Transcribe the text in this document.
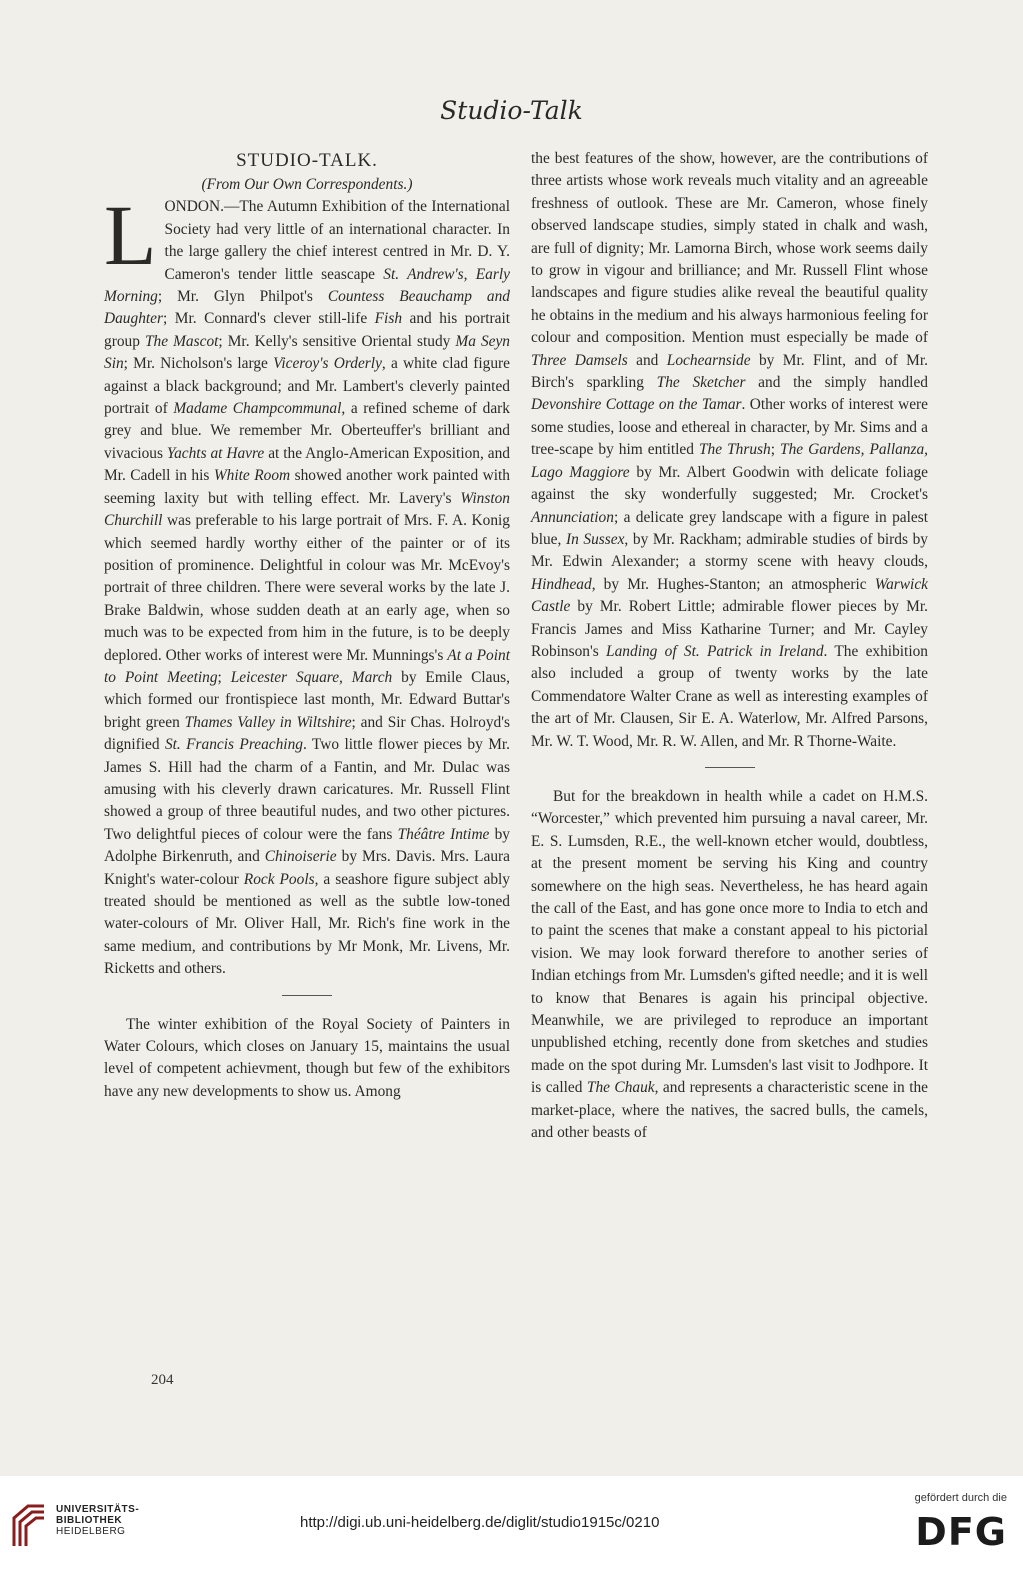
Studio-Talk

STUDIO-TALK.

(From Our Own Correspondents.)

LONDON.—The Autumn Exhibition of the International Society had very little of an international character. In the large gallery the chief interest centred in Mr. D. Y. Cameron's tender little seascape St. Andrew's, Early Morning; Mr. Glyn Philpot's Countess Beauchamp and Daughter; Mr. Connard's clever still-life Fish and his portrait group The Mascot; Mr. Kelly's sensitive Oriental study Ma Seyn Sin; Mr. Nicholson's large Viceroy's Orderly, a white clad figure against a black background; and Mr. Lambert's cleverly painted portrait of Madame Champcommunal, a refined scheme of dark grey and blue. We remember Mr. Oberteuffer's brilliant and vivacious Yachts at Havre at the Anglo-American Exposition, and Mr. Cadell in his White Room showed another work painted with seeming laxity but with telling effect. Mr. Lavery's Winston Churchill was preferable to his large portrait of Mrs. F. A. Konig which seemed hardly worthy either of the painter or of its position of prominence. Delightful in colour was Mr. McEvoy's portrait of three children. There were several works by the late J. Brake Baldwin, whose sudden death at an early age, when so much was to be expected from him in the future, is to be deeply deplored. Other works of interest were Mr. Munnings's At a Point to Point Meeting; Leicester Square, March by Emile Claus, which formed our frontispiece last month, Mr. Edward Buttar's bright green Thames Valley in Wiltshire; and Sir Chas. Holroyd's dignified St. Francis Preaching. Two little flower pieces by Mr. James S. Hill had the charm of a Fantin, and Mr. Dulac was amusing with his cleverly drawn caricatures. Mr. Russell Flint showed a group of three beautiful nudes, and two other pictures. Two delightful pieces of colour were the fans Théâtre Intime by Adolphe Birkenruth, and Chinoiserie by Mrs. Davis. Mrs. Laura Knight's water-colour Rock Pools, a seashore figure subject ably treated should be mentioned as well as the subtle low-toned water-colours of Mr. Oliver Hall, Mr. Rich's fine work in the same medium, and contributions by Mr Monk, Mr. Livens, Mr. Ricketts and others.

The winter exhibition of the Royal Society of Painters in Water Colours, which closes on January 15, maintains the usual level of competent achievment, though but few of the exhibitors have any new developments to show us. Among

the best features of the show, however, are the contributions of three artists whose work reveals much vitality and an agreeable freshness of outlook. These are Mr. Cameron, whose finely observed landscape studies, simply stated in chalk and wash, are full of dignity; Mr. Lamorna Birch, whose work seems daily to grow in vigour and brilliance; and Mr. Russell Flint whose landscapes and figure studies alike reveal the beautiful quality he obtains in the medium and his always harmonious feeling for colour and composition. Mention must especially be made of Three Damsels and Lochearnside by Mr. Flint, and of Mr. Birch's sparkling The Sketcher and the simply handled Devonshire Cottage on the Tamar. Other works of interest were some studies, loose and ethereal in character, by Mr. Sims and a tree-scape by him entitled The Thrush; The Gardens, Pallanza, Lago Maggiore by Mr. Albert Goodwin with delicate foliage against the sky wonderfully suggested; Mr. Crocket's Annunciation; a delicate grey landscape with a figure in palest blue, In Sussex, by Mr. Rackham; admirable studies of birds by Mr. Edwin Alexander; a stormy scene with heavy clouds, Hindhead, by Mr. Hughes-Stanton; an atmospheric Warwick Castle by Mr. Robert Little; admirable flower pieces by Mr. Francis James and Miss Katharine Turner; and Mr. Cayley Robinson's Landing of St. Patrick in Ireland. The exhibition also included a group of twenty works by the late Commendatore Walter Crane as well as interesting examples of the art of Mr. Clausen, Sir E. A. Waterlow, Mr. Alfred Parsons, Mr. W. T. Wood, Mr. R. W. Allen, and Mr. R Thorne-Waite.

But for the breakdown in health while a cadet on H.M.S. “Worcester,” which prevented him pursuing a naval career, Mr. E. S. Lumsden, R.E., the well-known etcher would, doubtless, at the present moment be serving his King and country somewhere on the high seas. Nevertheless, he has heard again the call of the East, and has gone once more to India to etch and to paint the scenes that make a constant appeal to his pictorial vision. We may look forward therefore to another series of Indian etchings from Mr. Lumsden's gifted needle; and it is well to know that Benares is again his principal objective. Meanwhile, we are privileged to reproduce an important unpublished etching, recently done from sketches and studies made on the spot during Mr. Lumsden's last visit to Jodhpore. It is called The Chauk, and represents a characteristic scene in the market-place, where the natives, the sacred bulls, the camels, and other beasts of

204
UNIVERSITÄTS-
BIBLIOTHEK
HEIDELBERG
http://digi.ub.uni-heidelberg.de/diglit/studio1915c/0210
gefördert durch die
DFG
